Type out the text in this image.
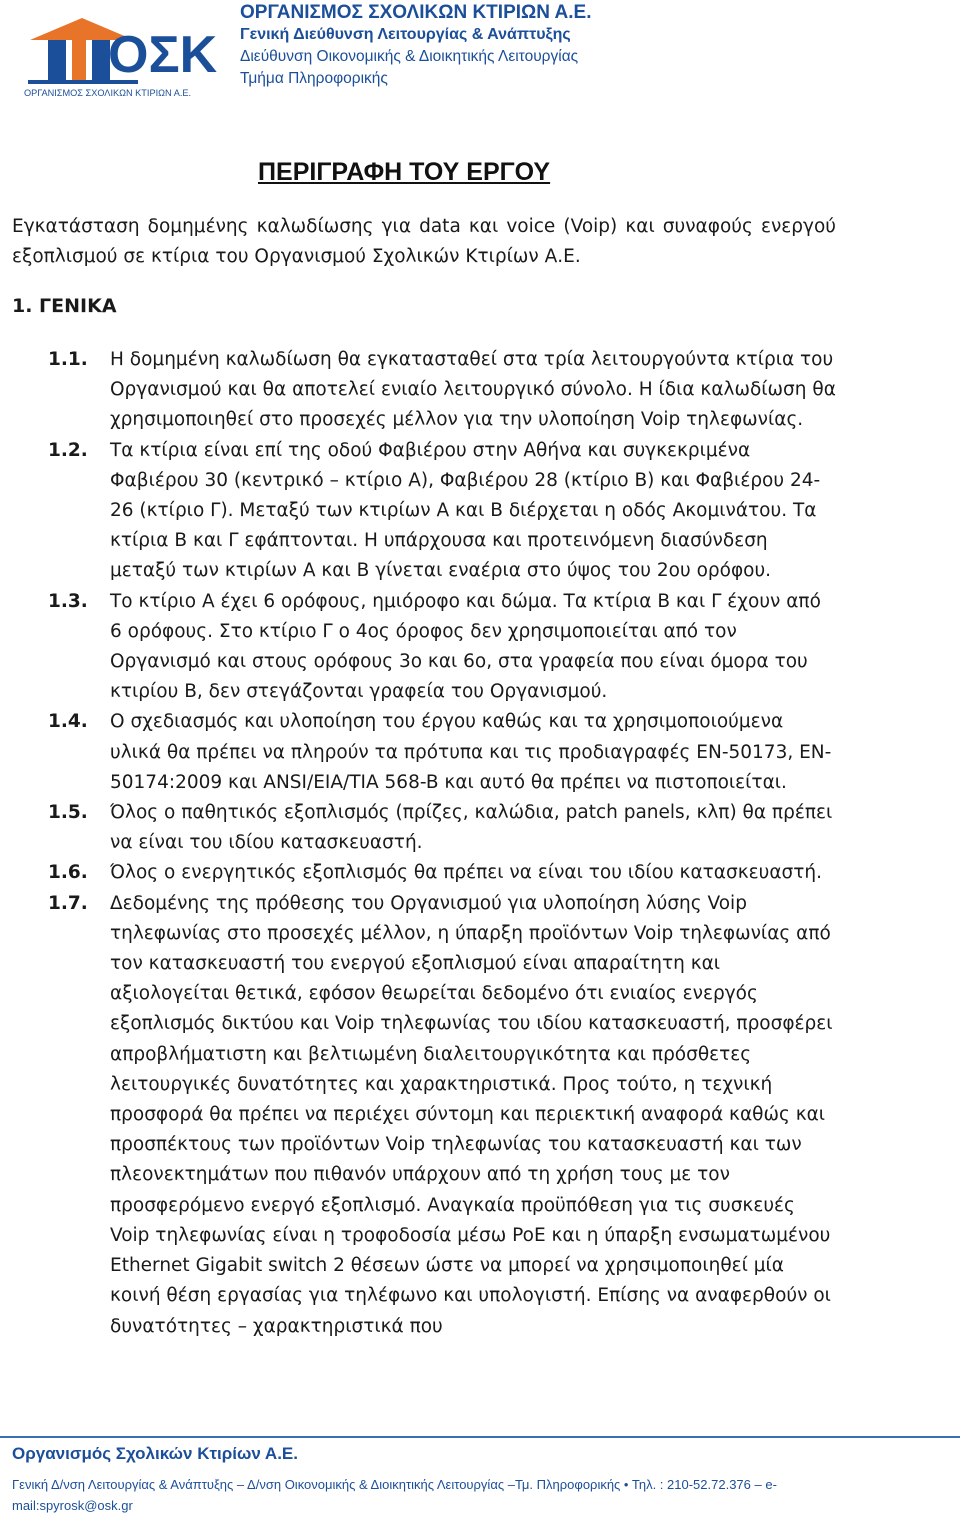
ΟΣΚ
ΟΡΓΑΝΙΣΜΟΣ ΣΧΟΛΙΚΩΝ ΚΤΙΡΙΩΝ Α.Ε.
ΟΡΓΑΝΙΣΜΟΣ ΣΧΟΛΙΚΩΝ ΚΤΙΡΙΩΝ Α.Ε.
Γενική Διεύθυνση Λειτουργίας & Ανάπτυξης
Διεύθυνση Οικονομικής & Διοικητικής Λειτουργίας
Τμήμα Πληροφορικής
ΠΕΡΙΓΡΑΦΗ ΤΟΥ ΕΡΓΟΥ
Εγκατάσταση δομημένης καλωδίωσης για data και voice (Voip) και συναφούς ενεργού εξοπλισμού σε κτίρια του Οργανισμού Σχολικών Κτιρίων Α.Ε.
1. ΓΕΝΙΚΑ
1.1. Η δομημένη καλωδίωση θα εγκατασταθεί στα τρία λειτουργούντα κτίρια του Οργανισμού και θα αποτελεί ενιαίο λειτουργικό σύνολο. Η ίδια καλωδίωση θα χρησιμοποιηθεί στο προσεχές μέλλον για την υλοποίηση Voip τηλεφωνίας.
1.2. Τα κτίρια είναι επί της οδού Φαβιέρου στην Αθήνα και συγκεκριμένα Φαβιέρου 30 (κεντρικό – κτίριο Α), Φαβιέρου 28 (κτίριο Β) και Φαβιέρου 24-26 (κτίριο Γ). Μεταξύ των κτιρίων Α και Β διέρχεται η οδός Ακομινάτου. Τα κτίρια Β και Γ εφάπτονται. Η υπάρχουσα και προτεινόμενη διασύνδεση μεταξύ των κτιρίων Α και Β γίνεται εναέρια στο ύψος του 2ου ορόφου.
1.3. Το κτίριο Α έχει 6 ορόφους, ημιόροφο και δώμα. Τα κτίρια Β και Γ έχουν από 6 ορόφους. Στο κτίριο Γ ο 4ος όροφος δεν χρησιμοποιείται από τον Οργανισμό και στους ορόφους 3ο και 6ο, στα γραφεία που είναι όμορα του κτιρίου Β, δεν στεγάζονται γραφεία του Οργανισμού.
1.4. Ο σχεδιασμός και υλοποίηση του έργου καθώς και τα χρησιμοποιούμενα υλικά θα πρέπει να πληρούν τα πρότυπα και τις προδιαγραφές EN-50173, EN-50174:2009 και ANSI/EIA/TIA 568-B και αυτό θα πρέπει να πιστοποιείται.
1.5. Όλος ο παθητικός εξοπλισμός (πρίζες, καλώδια, patch panels, κλπ) θα πρέπει να είναι του ιδίου κατασκευαστή.
1.6. Όλος ο ενεργητικός εξοπλισμός θα πρέπει να είναι του ιδίου κατασκευαστή.
1.7. Δεδομένης της πρόθεσης του Οργανισμού για υλοποίηση λύσης Voip τηλεφωνίας στο προσεχές μέλλον, η ύπαρξη προϊόντων Voip τηλεφωνίας από τον κατασκευαστή του ενεργού εξοπλισμού είναι απαραίτητη και αξιολογείται θετικά, εφόσον θεωρείται δεδομένο ότι ενιαίος ενεργός εξοπλισμός δικτύου και Voip τηλεφωνίας του ιδίου κατασκευαστή, προσφέρει απροβλήματιστη και βελτιωμένη διαλειτουργικότητα και πρόσθετες λειτουργικές δυνατότητες και χαρακτηριστικά. Προς τούτο, η τεχνική προσφορά θα πρέπει να περιέχει σύντομη και περιεκτική αναφορά καθώς και προσπέκτους των προϊόντων Voip τηλεφωνίας του κατασκευαστή και των πλεονεκτημάτων που πιθανόν υπάρχουν από τη χρήση τους με τον προσφερόμενο ενεργό εξοπλισμό. Αναγκαία προϋπόθεση για τις συσκευές Voip τηλεφωνίας είναι η τροφοδοσία μέσω PoE και η ύπαρξη ενσωματωμένου Ethernet Gigabit switch 2 θέσεων ώστε να μπορεί να χρησιμοποιηθεί μία κοινή θέση εργασίας για τηλέφωνο και υπολογιστή. Επίσης να αναφερθούν οι δυνατότητες – χαρακτηριστικά που
Οργανισμός Σχολικών Κτιρίων Α.Ε.
Γενική Δ/νση Λειτουργίας & Ανάπτυξης – Δ/νση Οικονομικής & Διοικητικής Λειτουργίας –Τμ. Πληροφορικής • Τηλ. : 210-52.72.376 – e-mail:spyrosk@osk.gr
